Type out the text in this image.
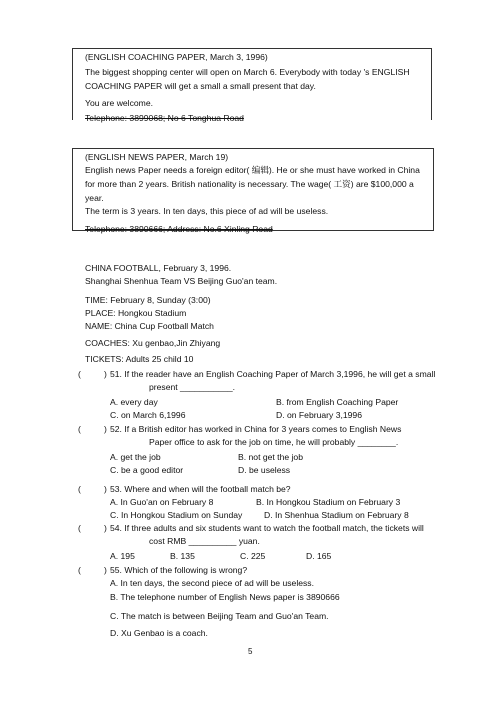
(ENGLISH COACHING PAPER, March 3, 1996)
The biggest shopping center will open on March 6. Everybody with today 's ENGLISH
COACHING PAPER will get a small a small present that day.
You are welcome.
Telephone: 3899068; No 6 Tonghua Road
(ENGLISH NEWS PAPER, March 19)
English news Paper needs a foreign editor( 编辑). He or she must have worked in China
for more than 2 years. British nationality is necessary. The wage( 工资) are $100,000 a
year.
The term is 3 years. In ten days, this piece of ad will be useless.
Telephone: 3890666; Address: No.6 Xinling Road
CHINA FOOTBALL, February 3, 1996.
Shanghai Shenhua Team VS Beijing Guo'an team.
TIME: February 8, Sunday (3:00)
PLACE: Hongkou Stadium
NAME: China Cup Football Match
COACHES: Xu genbao,Jin Zhiyang
TICKETS: Adults 25 child 10
(	) 51. If the reader have an English Coaching Paper of March 3,1996, he will get a small
present ___________.
A. every day	B. from English Coaching Paper
C. on March 6,1996	D. on February 3,1996
(	) 52. If a British editor has worked in China for 3 years comes to English News
Paper office to ask for the job on time, he will probably ________.
A. get the job	B. not get the job
C. be a good editor	D. be useless
(	) 53. Where and when will the football match be?
A. In Guo'an on February 8	B. In Hongkou Stadium on February 3
C. In Hongkou Stadium on Sunday	D. In Shenhua Stadium on February 8
(	) 54. If three adults and six students want to watch the football match, the tickets will
cost RMB __________ yuan.
A. 195	B. 135	C. 225	D. 165
(	) 55. Which of the following is wrong?
A. In ten days, the second piece of ad will be useless.
B. The telephone number of English News paper is 3890666
C. The match is between Beijing Team and Guo'an Team.
D. Xu Genbao is a coach.
5
